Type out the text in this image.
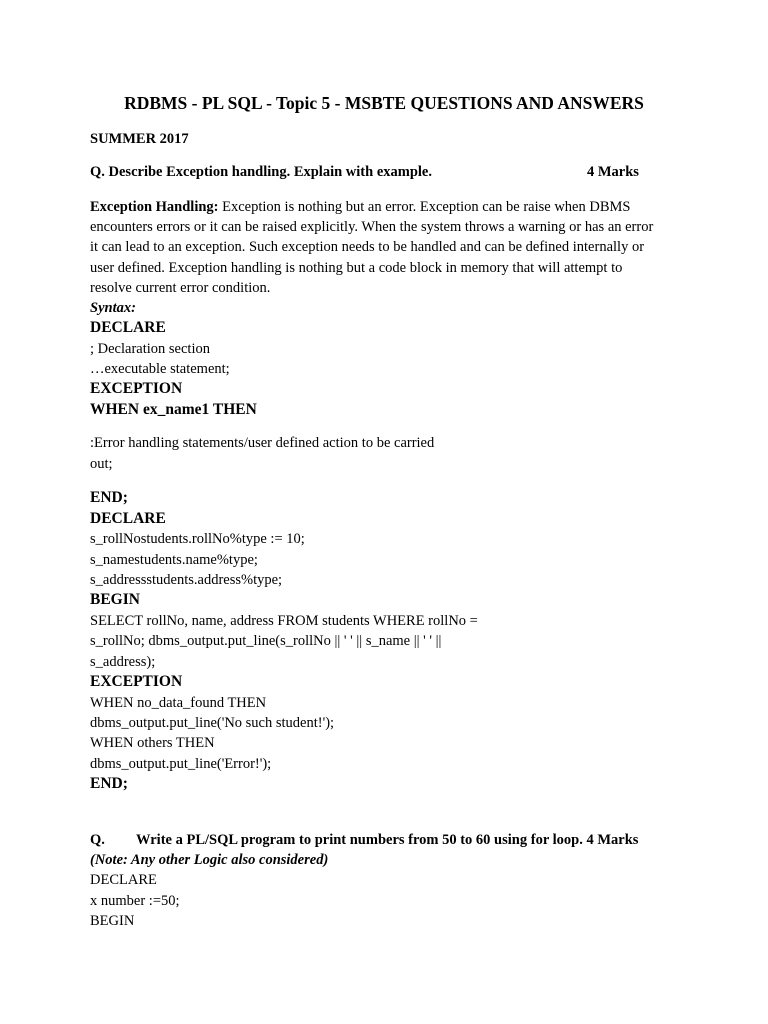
RDBMS - PL SQL - Topic 5 - MSBTE QUESTIONS AND ANSWERS
SUMMER 2017
Q. Describe Exception handling. Explain with example.	4 Marks
Exception Handling: Exception is nothing but an error. Exception can be raise when DBMS
encounters errors or it can be raised explicitly. When the system throws a warning or has an error
it can lead to an exception. Such exception needs to be handled and can be defined internally or
user defined. Exception handling is nothing but a code block in memory that will attempt to
resolve current error condition.
Syntax:
DECLARE
; Declaration section
…executable statement;
EXCEPTION
WHEN ex_name1 THEN
:Error handling statements/user defined action to be carried
out;
END;
DECLARE
s_rollNostudents.rollNo%type := 10;
s_namestudents.name%type;
s_addressstudents.address%type;
BEGIN
SELECT rollNo, name, address FROM students WHERE rollNo =
s_rollNo; dbms_output.put_line(s_rollNo || ' ' || s_name || ' ' ||
s_address);
EXCEPTION
WHEN no_data_found THEN
dbms_output.put_line('No such student!');
WHEN others THEN
dbms_output.put_line('Error!');
END;
Q. Write a PL/SQL program to print numbers from 50 to 60 using for loop. 4 Marks
(Note: Any other Logic also considered)
DECLARE
x number :=50;
BEGIN
